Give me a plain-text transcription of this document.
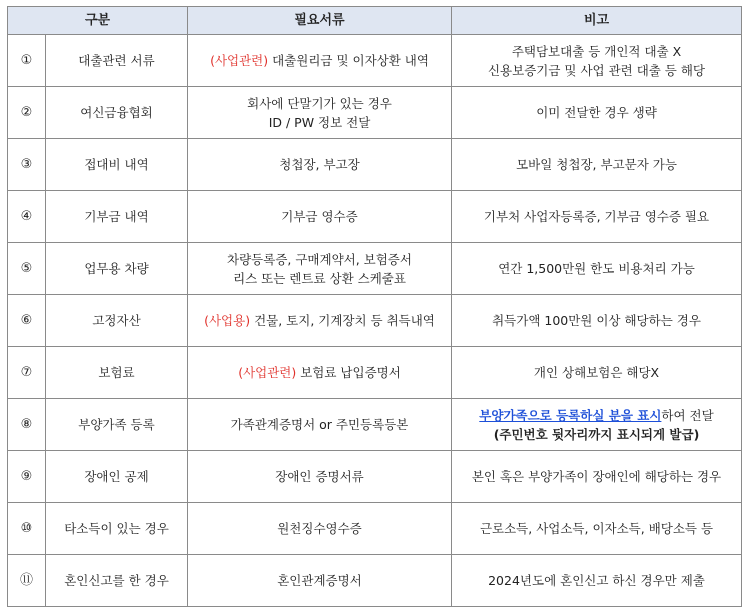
구분		필요서류	비고
①	대출관련 서류	(사업관련) 대출원리금 및 이자상환 내역	주택담보대출 등 개인적 대출 X
신용보증기금 및 사업 관련 대출 등 해당

②	여신금융협회	회사에 단말기가 있는 경우
ID / PW 정보 전달	이미 전달한 경우 생략
③	접대비 내역	청첩장, 부고장	모바일 청첩장, 부고문자 가능
④	기부금 내역	기부금 영수증	기부처 사업자등록증, 기부금 영수증 필요
⑤	업무용 차량	차량등록증, 구매계약서, 보험증서
리스 또는 렌트료 상환 스케줄표	연간 1,500만원 한도 비용처리 가능
⑥	고정자산	(사업용) 건물, 토지, 기계장치 등 취득내역	취득가액 100만원 이상 해당하는 경우
⑦	보험료	(사업관련) 보험료 납입증명서	개인 상해보험은 해당X
⑧	부양가족 등록	가족관계증명서 or 주민등록등본	부양가족으로 등록하실 분을 표시하여 전달
(주민번호 뒷자리까지 표시되게 발급)

⑨	장애인 공제	장애인 증명서류	본인 혹은 부양가족이 장애인에 해당하는 경우
⑩	타소득이 있는 경우	원천징수영수증	근로소득, 사업소득, 이자소득, 배당소득 등
⑪	혼인신고를 한 경우	혼인관계증명서	2024년도에 혼인신고 하신 경우만 제출
